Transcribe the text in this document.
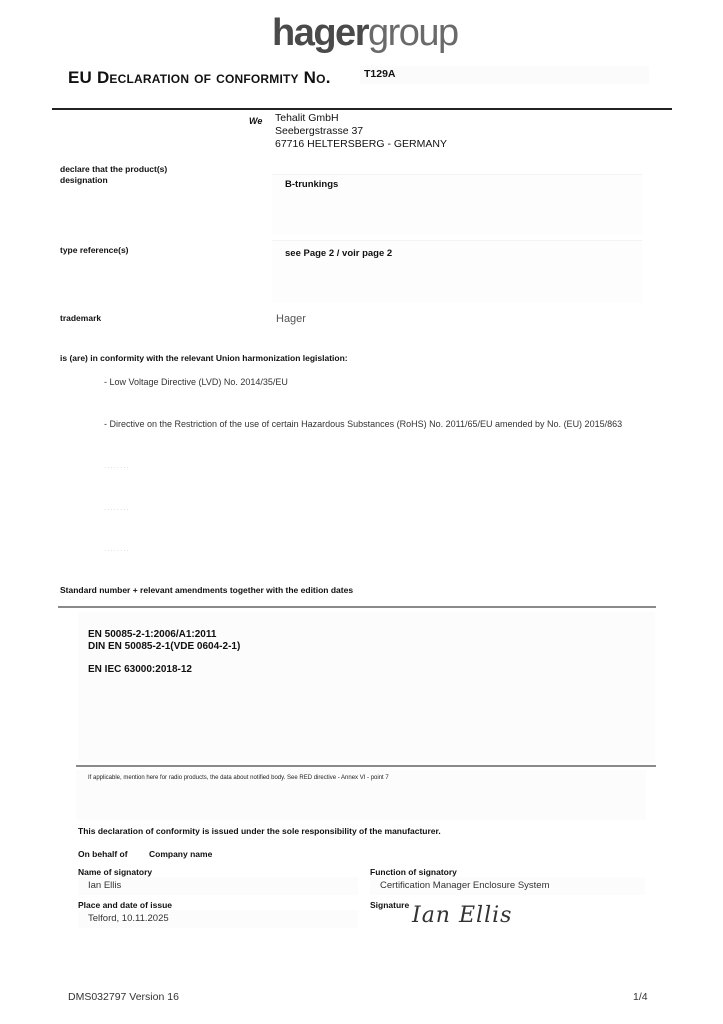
hagergroup
EU Declaration of conformity No.	T129A
We Tehalit GmbH
Seebergstrasse 37
67716 HELTERSBERG - GERMANY
declare that the product(s)
designation	B-trunkings
type reference(s)	see Page 2 / voir page 2
trademark	Hager
is (are) in conformity with the relevant Union harmonization legislation:
- Low Voltage Directive (LVD) No. 2014/35/EU
- Directive on the Restriction of the use of certain Hazardous Substances (RoHS) No. 2011/65/EU amended by No. (EU) 2015/863
........
........
........
Standard number + relevant amendments together with the edition dates
EN 50085-2-1:2006/A1:2011
DIN EN 50085-2-1(VDE 0604-2-1)
EN IEC 63000:2018-12
If applicable, mention here for radio products, the data about notified body. See RED directive - Annex VI - point 7
This declaration of conformity is issued under the sole responsibility of the manufacturer.
On behalf of	Company name
Name of signatory
Ian Ellis
Function of signatory
Certification Manager Enclosure System
Place and date of issue
Telford, 10.11.2025
Signature Ian Ellis
DMS032797 Version 16	1/4
